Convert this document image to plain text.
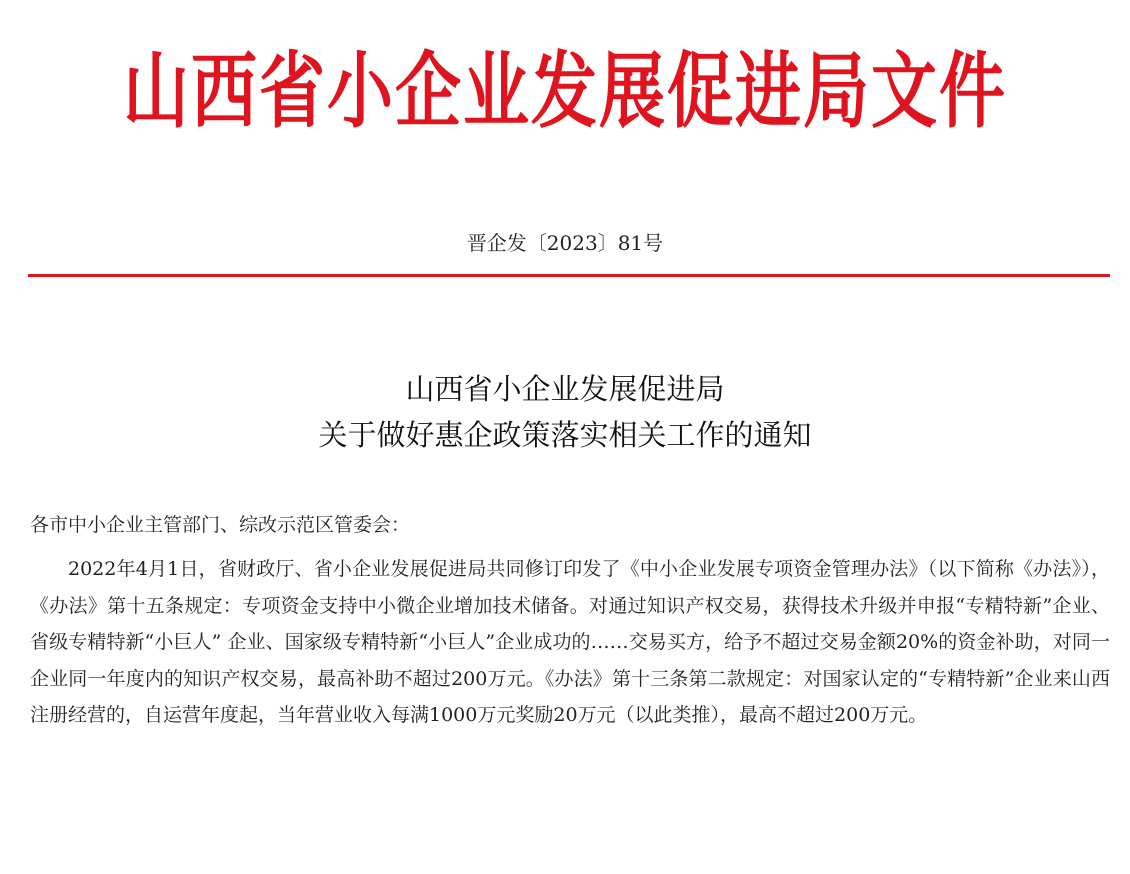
山西省小企业发展促进局文件
晋企发〔2023〕81号
山西省小企业发展促进局
关于做好惠企政策落实相关工作的通知
各市中小企业主管部门、综改示范区管委会：

2022年4月1日，省财政厅、省小企业发展促进局共同修订印发了《中小企业发展专项资金管理办法》（以下简称《办法》），《办法》第十五条规定：专项资金支持中小微企业增加技术储备。对通过知识产权交易，获得技术升级并申报“专精特新”企业、省级专精特新“小巨人” 企业、国家级专精特新“小巨人”企业成功的……交易买方，给予不超过交易金额20%的资金补助，对同一企业同一年度内的知识产权交易，最高补助不超过200万元。《办法》第十三条第二款规定：对国家认定的“专精特新”企业来山西注册经营的，自运营年度起，当年营业收入每满1000万元奖励20万元（以此类推），最高不超过200万元。
